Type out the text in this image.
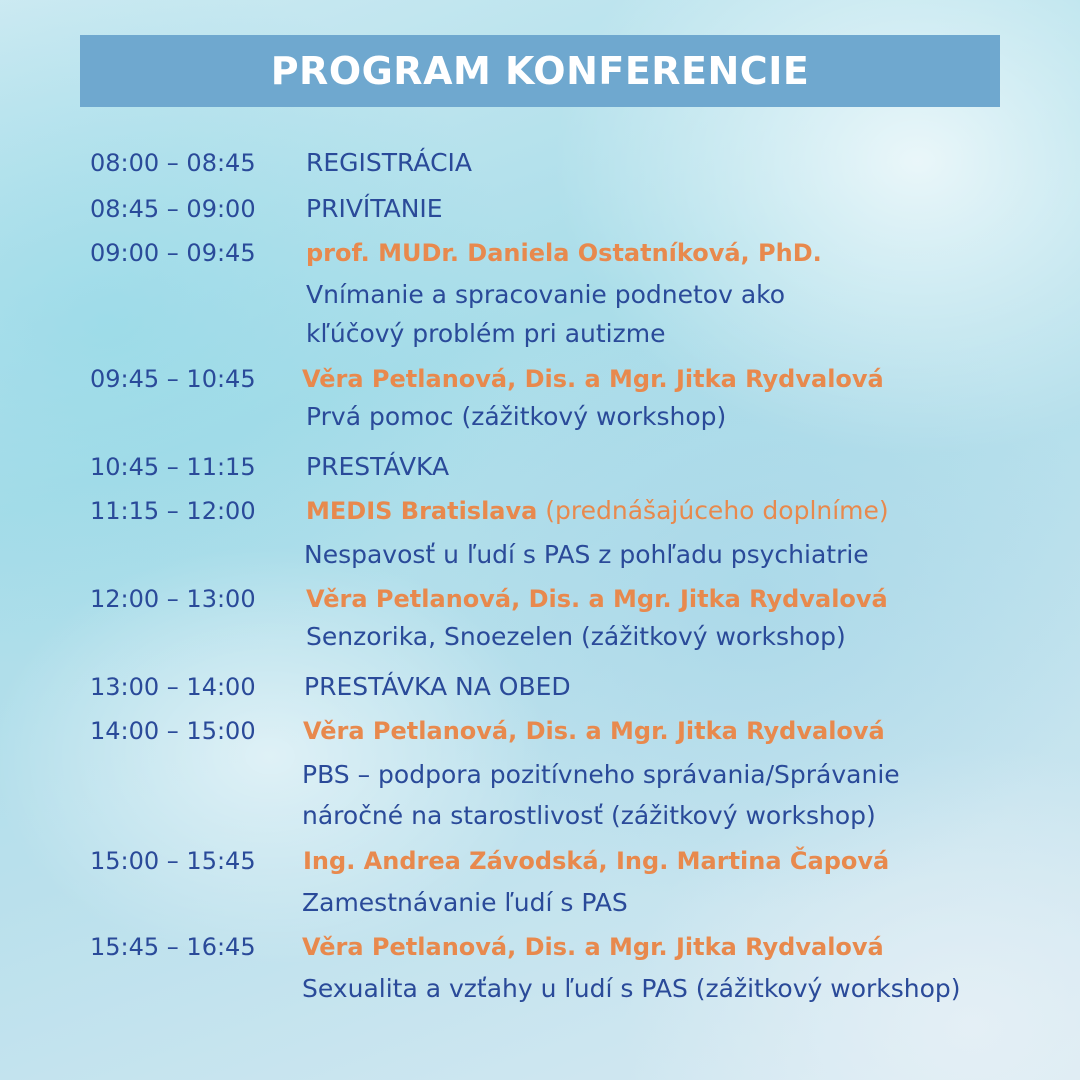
PROGRAM KONFERENCIE
08:00 – 08:45 REGISTRÁCIA
08:45 – 09:00 PRIVÍTANIE
09:00 – 09:45 prof. MUDr. Daniela Ostatníková, PhD.
Vnímanie a spracovanie podnetov ako
kľúčový problém pri autizme
09:45 – 10:45 Věra Petlanová, Dis. a Mgr. Jitka Rydvalová
Prvá pomoc (zážitkový workshop)
10:45 – 11:15 PRESTÁVKA
11:15 – 12:00 MEDIS Bratislava (prednášajúceho doplníme)
Nespavosť u ľudí s PAS z pohľadu psychiatrie
12:00 – 13:00 Věra Petlanová, Dis. a Mgr. Jitka Rydvalová
Senzorika, Snoezelen (zážitkový workshop)
13:00 – 14:00 PRESTÁVKA NA OBED
14:00 – 15:00 Věra Petlanová, Dis. a Mgr. Jitka Rydvalová
PBS – podpora pozitívneho správania/Správanie
náročné na starostlivosť (zážitkový workshop)
15:00 – 15:45 Ing. Andrea Závodská, Ing. Martina Čapová
Zamestnávanie ľudí s PAS
15:45 – 16:45 Věra Petlanová, Dis. a Mgr. Jitka Rydvalová
Sexualita a vzťahy u ľudí s PAS (zážitkový workshop)
